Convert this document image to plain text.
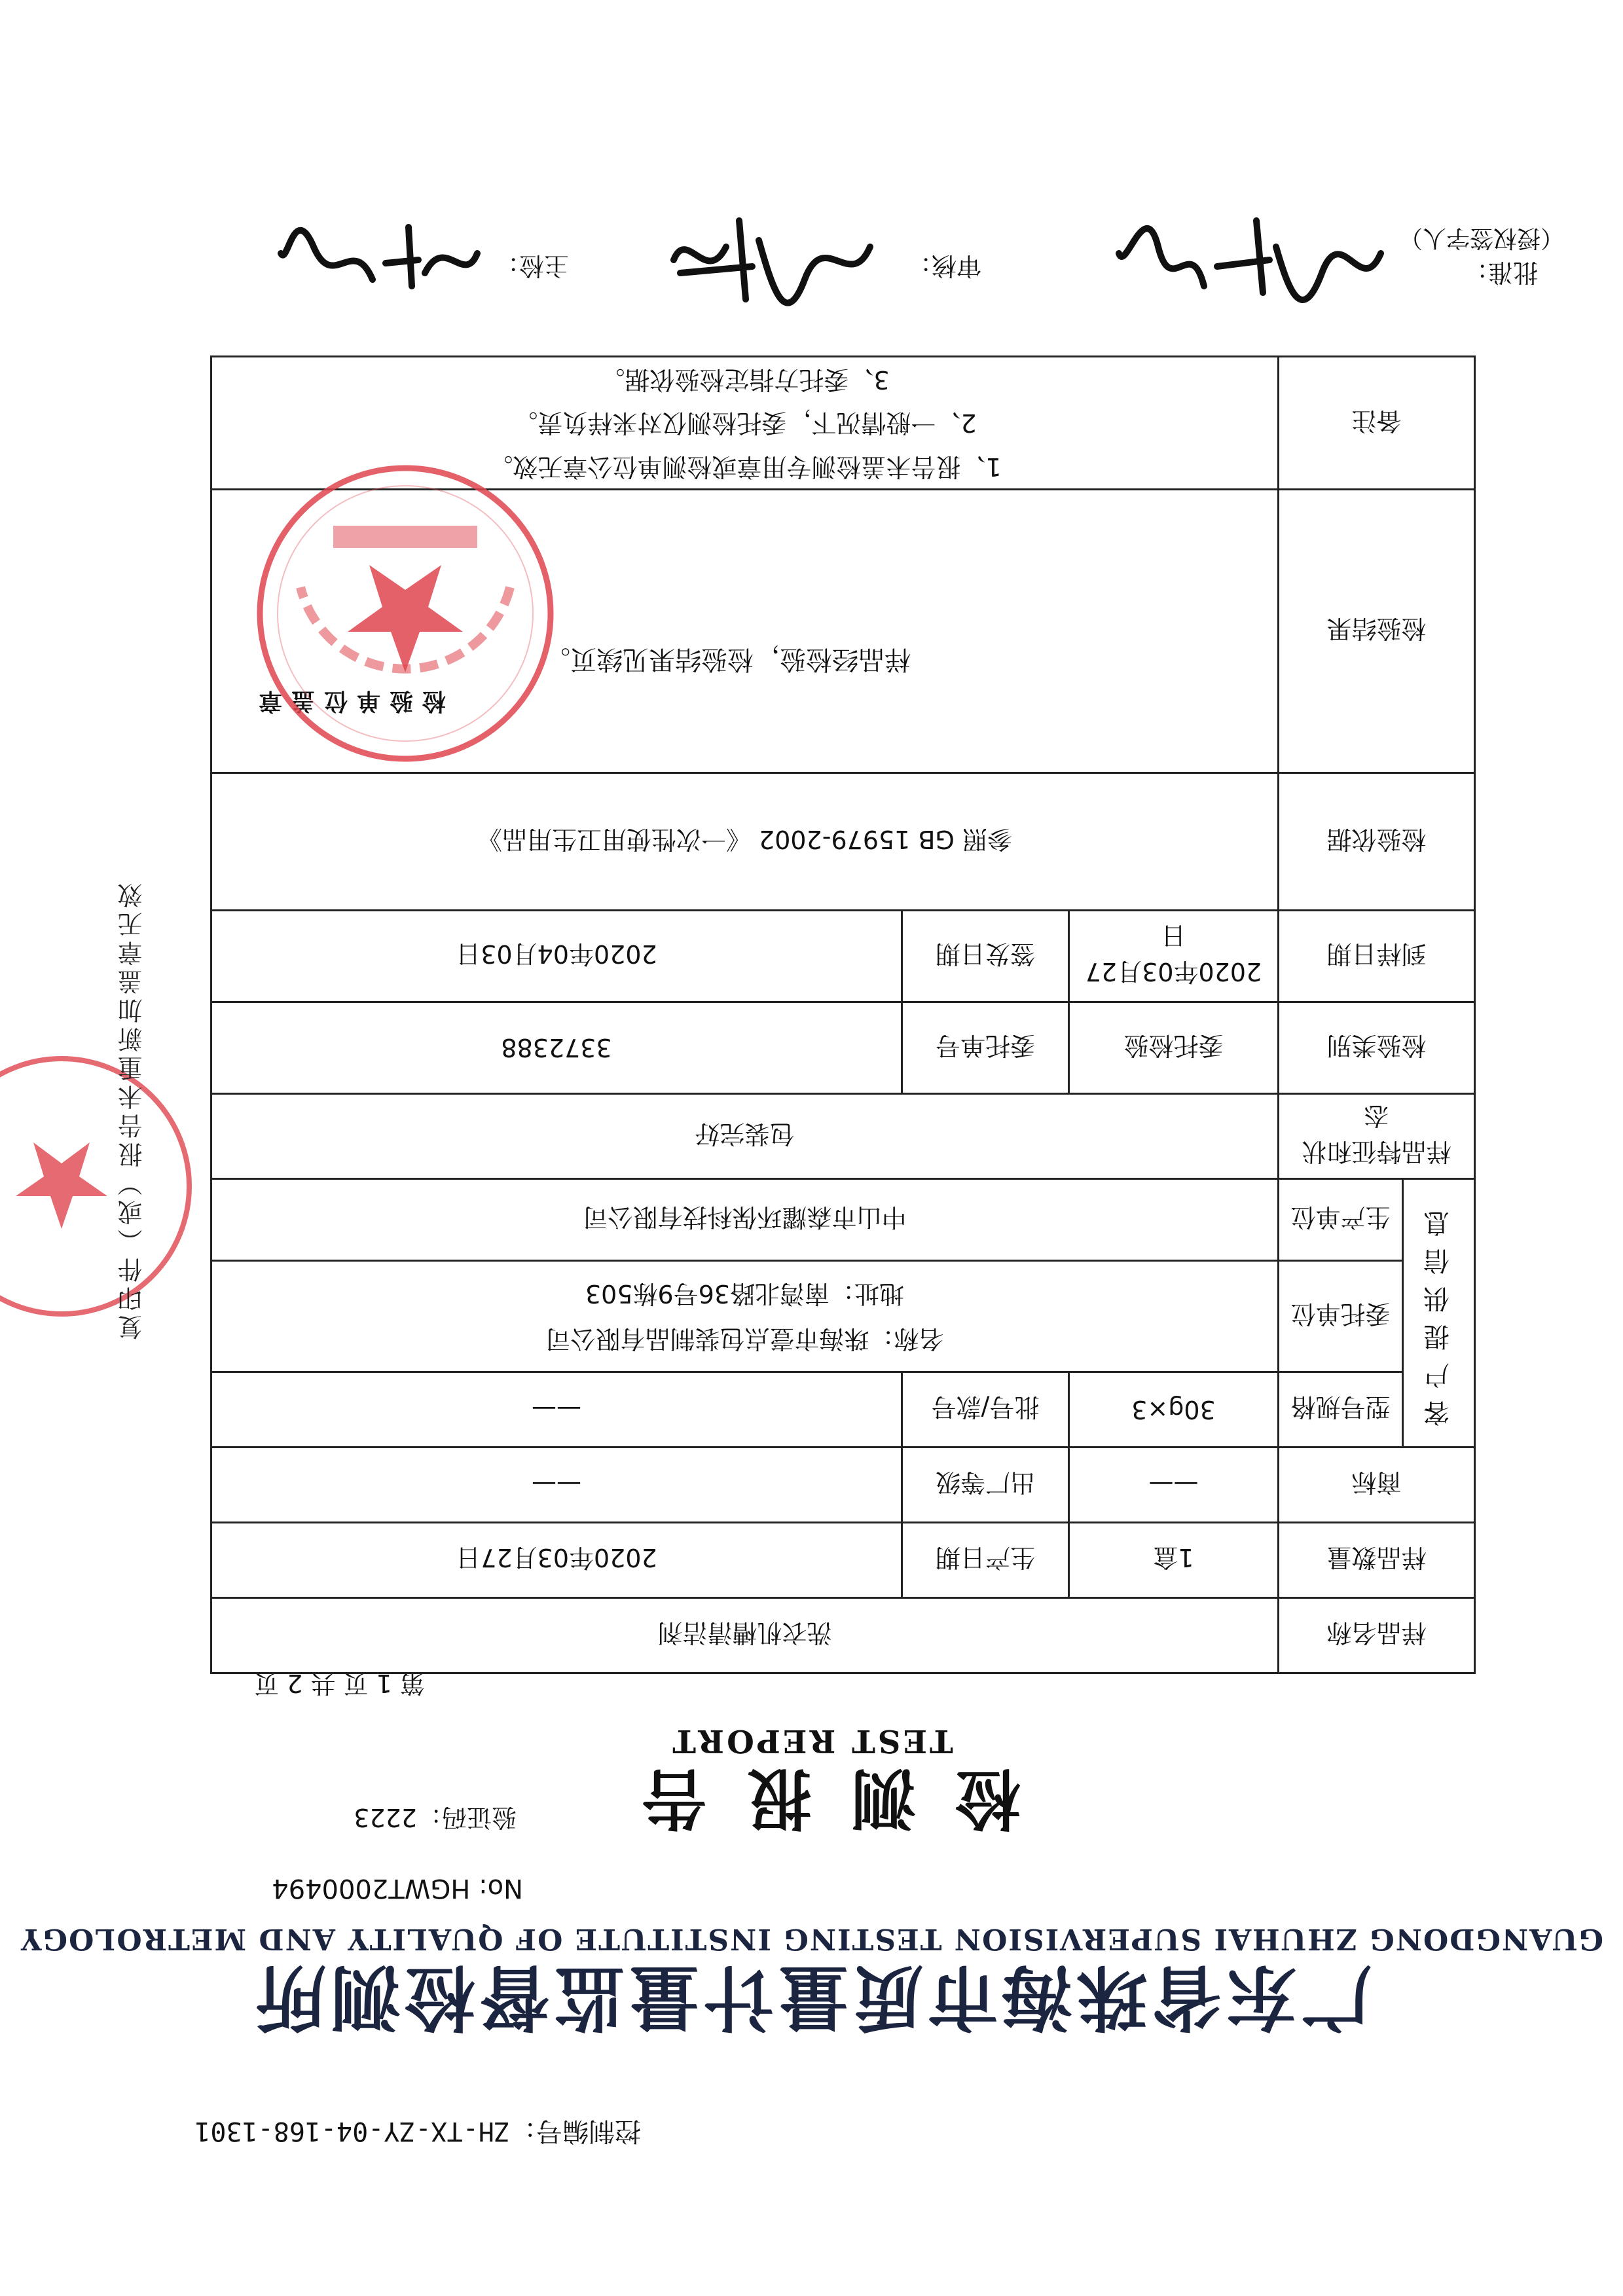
控制编号：ZH-TX-ZY-04-168-1301
广东省珠海市质量计量监督检测所
GUANGDONG ZHUHAI SUPERVISION TESTING INSTITUTE OF QUALITY AND METROLOGY
No: HGWT2000494
检测报告
验证码：2223
TEST REPORT
第 1 页 共 2 页
样品名称		洗衣机槽清洁剂		
样品数量		1盒	生产日期	2020年03月27日
商标		——	出厂等级	——
客户提供信息	型号规格	30g×3	批号/款号	——
	委托单位	名称：珠海市壹点包装制品有限公司
地址：南湾北路36号9栋503		

	生产单位	中山市森耀环保科技有限公司		
样品特征和状态		包装完好		
检验类别		委托检验	委托单号	3372388
到样日期		2020年03月27日	签发日期	2020年04月03日
检验依据		参照 GB 15979-2002 《一次性使用卫生用品》		
检验结果		样品经检验，检验结果见续页。
检验单位盖章		

备注		1、报告未盖检测专用章或检测单位公章无效。
2、一般情况下，委托检测仅对来样负责。
3、委托方指定检验依据。		
复印件（或）报告未重新加盖章无效
批准：
（授权签字人）
审核：
主检：
